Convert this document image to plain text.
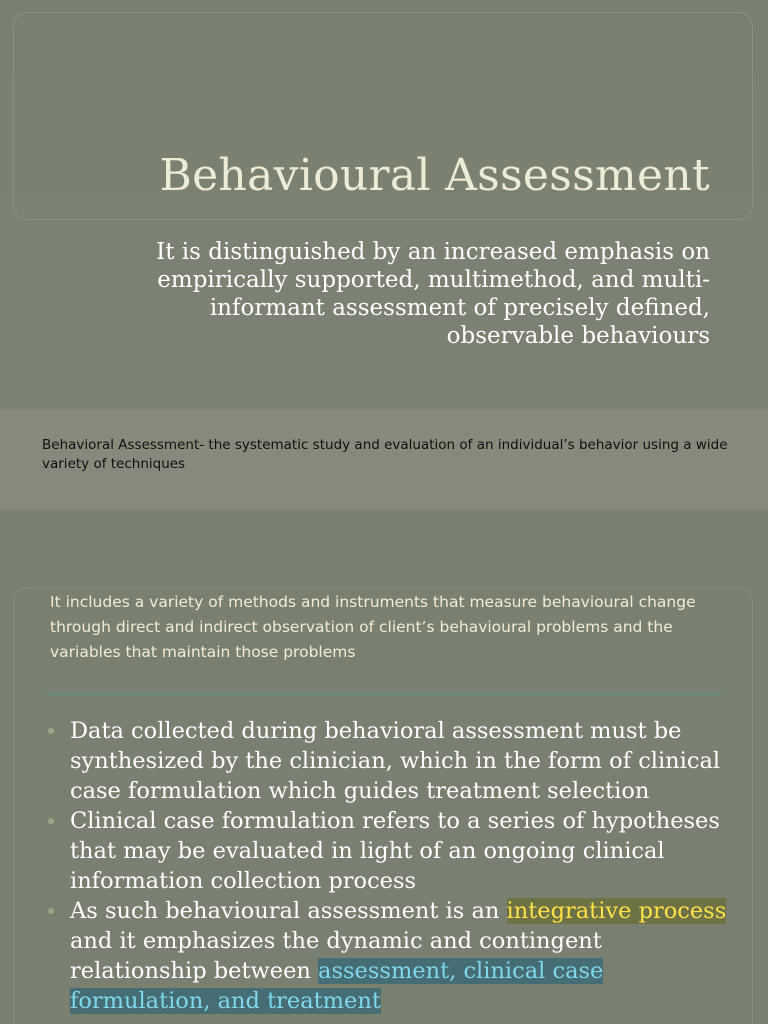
Behavioural Assessment

It is distinguished by an increased emphasis on empirically supported, multimethod, and multi-informant assessment of precisely defined, observable behaviours

Behavioral Assessment- the systematic study and evaluation of an individual’s behavior using a wide variety of techniques

It includes a variety of methods and instruments that measure behavioural change through direct and indirect observation of client’s behavioural problems and the variables that maintain those problems

Data collected during behavioral assessment must be synthesized by the clinician, which in the form of clinical case formulation which guides treatment selection
Clinical case formulation refers to a series of hypotheses that may be evaluated in light of an ongoing clinical information collection process
As such behavioural assessment is an integrative process and it emphasizes the dynamic and contingent relationship between assessment, clinical case formulation, and treatment
